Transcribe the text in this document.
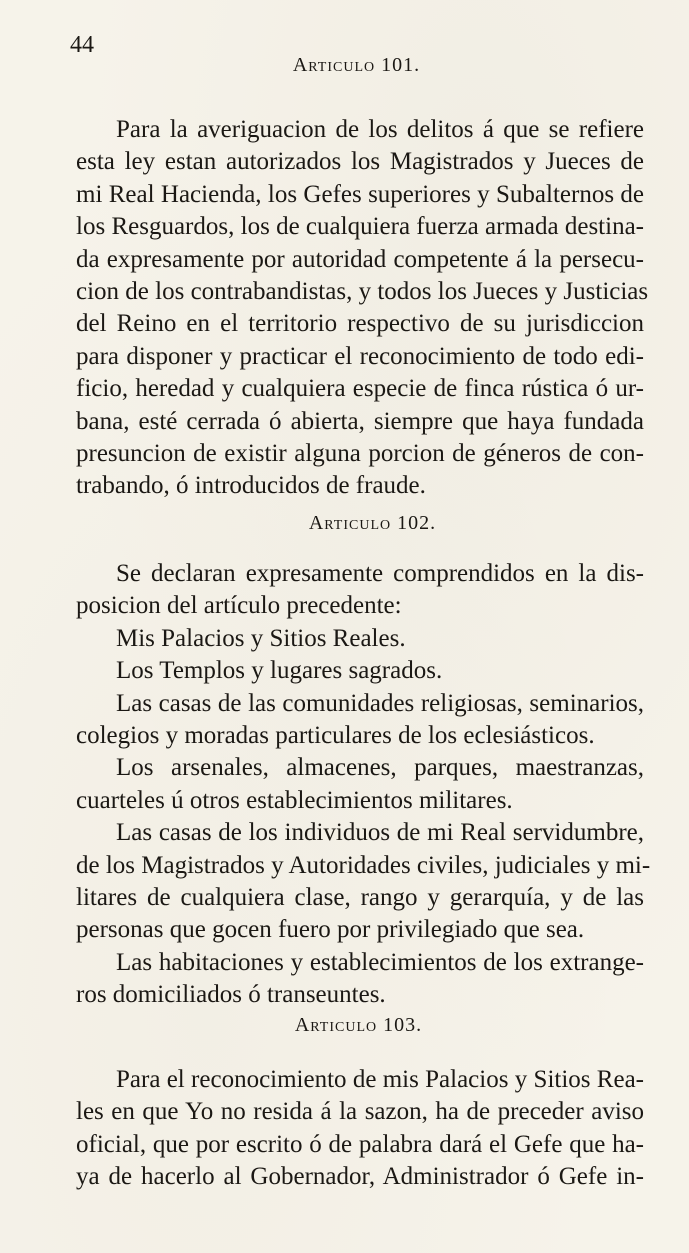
44
Articulo 101.
Para la averiguacion de los delitos á que se refiere
esta ley estan autorizados los Magistrados y Jueces de
mi Real Hacienda, los Gefes superiores y Subalternos de
los Resguardos, los de cualquiera fuerza armada destina-
da expresamente por autoridad competente á la persecu-
cion de los contrabandistas, y todos los Jueces y Justicias
del Reino en el territorio respectivo de su jurisdiccion
para disponer y practicar el reconocimiento de todo edi-
ficio, heredad y cualquiera especie de finca rústica ó ur-
bana, esté cerrada ó abierta, siempre que haya fundada
presuncion de existir alguna porcion de géneros de con-
trabando, ó introducidos de fraude.
Articulo 102.
Se declaran expresamente comprendidos en la dis-
posicion del artículo precedente:
Mis Palacios y Sitios Reales.
Los Templos y lugares sagrados.
Las casas de las comunidades religiosas, seminarios,
colegios y moradas particulares de los eclesiásticos.
Los arsenales, almacenes, parques, maestranzas,
cuarteles ú otros establecimientos militares.
Las casas de los individuos de mi Real servidumbre,
de los Magistrados y Autoridades civiles, judiciales y mi-
litares de cualquiera clase, rango y gerarquía, y de las
personas que gocen fuero por privilegiado que sea.
Las habitaciones y establecimientos de los extrange-
ros domiciliados ó transeuntes.
Articulo 103.
Para el reconocimiento de mis Palacios y Sitios Rea-
les en que Yo no resida á la sazon, ha de preceder aviso
oficial, que por escrito ó de palabra dará el Gefe que ha-
ya de hacerlo al Gobernador, Administrador ó Gefe in-
